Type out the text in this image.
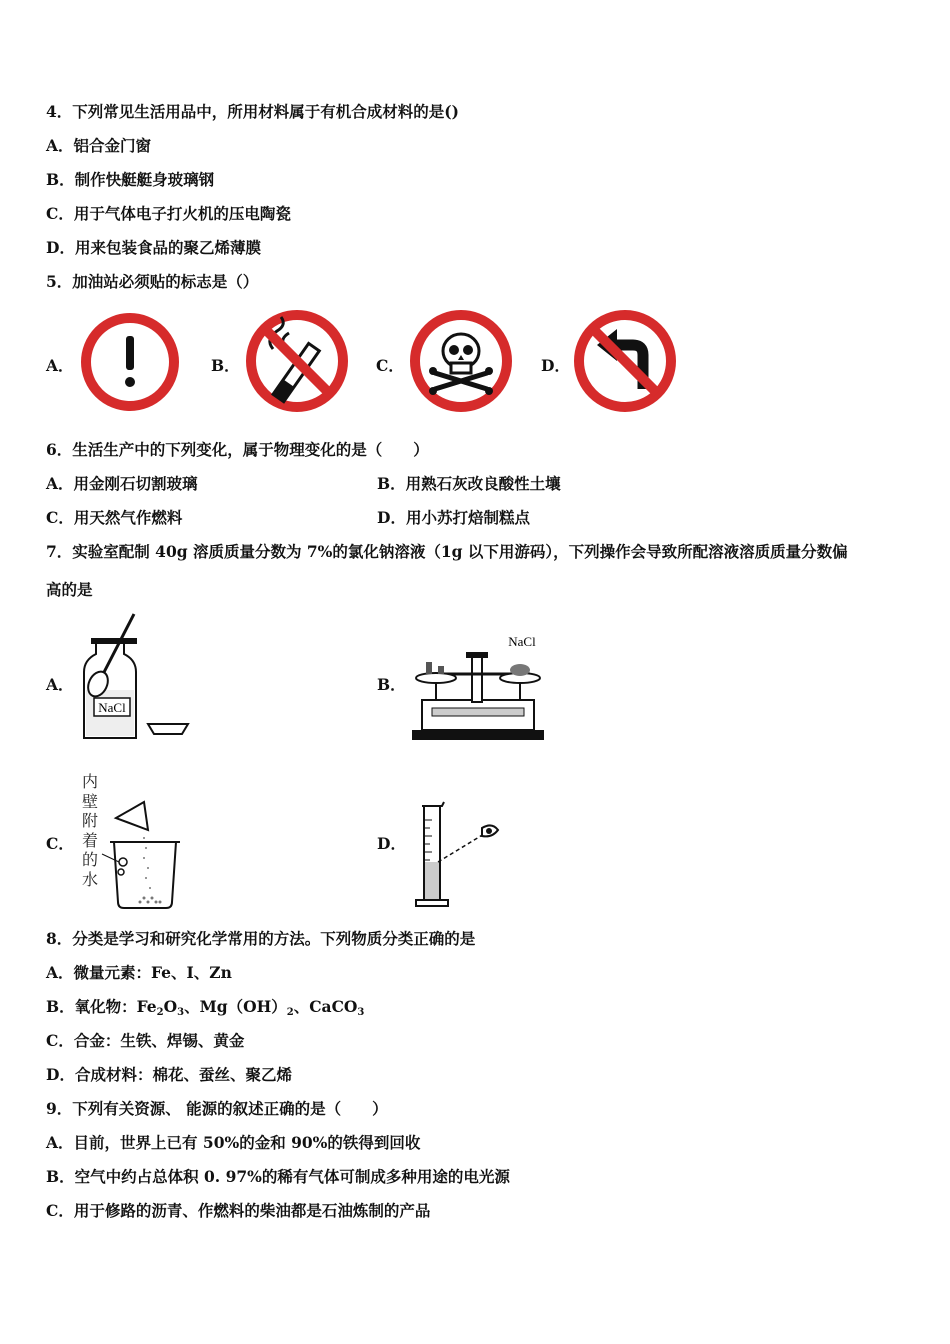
4．下列常见生活用品中，所用材料属于有机合成材料的是()
A．铝合金门窗
B．制作快艇艇身玻璃钢
C．用于气体电子打火机的压电陶瓷
D．用来包装食品的聚乙烯薄膜
5．加油站必须贴的标志是（）
A．	B．	C．	D．
6．生活生产中的下列变化，属于物理变化的是（　　）
A．用金刚石切割玻璃	B．用熟石灰改良酸性土壤
C．用天然气作燃料	D．用小苏打焙制糕点
7．实验室配制 40g 溶质质量分数为 7%的氯化钠溶液（1g 以下用游码），下列操作会导致所配溶液溶质质量分数偏
高的是
A．
NaCl
B．
NaCl
C．
内
壁
附
着
的
水
D．
8．分类是学习和研究化学常用的方法。下列物质分类正确的是
A．微量元素：Fe、I、Zn
B．氧化物：$Fe_2O_3$、$Mg(OH)_2$、CaCO$_3$
C．合金：生铁、焊锡、黄金
D．合成材料：棉花、蚕丝、聚乙烯
9．下列有关资源、 能源的叙述正确的是（　　）
A．目前，世界上已有 50%的金和 90%的铁得到回收
B．空气中约占总体积 0. 97%的稀有气体可制成多种用途的电光源
C．用于修路的沥青、作燃料的柴油都是石油炼制的产品
